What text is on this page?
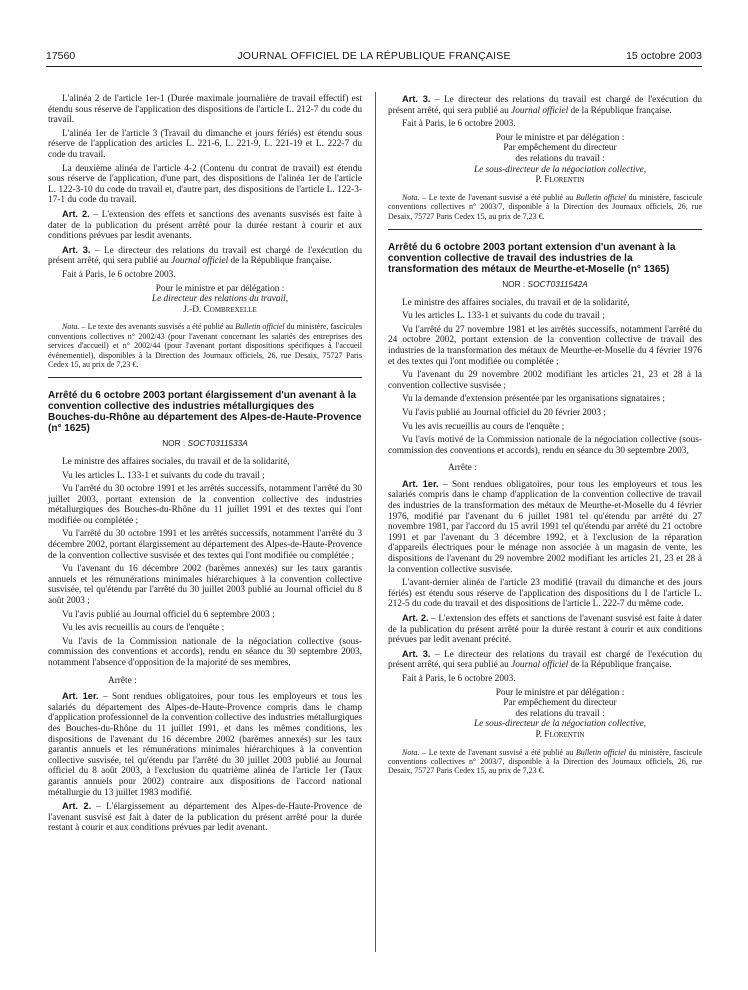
17560	JOURNAL OFFICIEL DE LA RÉPUBLIQUE FRANÇAISE	15 octobre 2003

L'alinéa 2 de l'article 1er-1 (Durée maximale journalière de travail effectif) est étendu sous réserve de l'application des dispositions de l'article L. 212-7 du code du travail.

L'alinéa 1er de l'article 3 (Travail du dimanche et jours fériés) est étendu sous réserve de l'application des articles L. 221-6, L. 221-9, L. 221-19 et L. 222-7 du code du travail.

La deuxième alinéa de l'article 4-2 (Contenu du contrat de travail) est étendu sous réserve de l'application, d'une part, des dispositions de l'alinéa 1er de l'article L. 122-3-10 du code du travail et, d'autre part, des dispositions de l'article L. 122-3-17-1 du code du travail.

Art. 2. – L'extension des effets et sanctions des avenants susvisés est faite à dater de la publication du présent arrêté pour la durée restant à courir et aux conditions prévues par lesdit avenants.

Art. 3. – Le directeur des relations du travail est chargé de l'exécution du présent arrêté, qui sera publié au Journal officiel de la République française.

Fait à Paris, le 6 octobre 2003.

Pour le ministre et par délégation :

Le directeur des relations du travail,

J.-D. Combrexelle

Nota. – Le texte des avenants susvisés a été publié au Bulletin officiel du ministère, fascicules conventions collectives n° 2002/43 (pour l'avenant concernant les salariés des entreprises des services d'accueil) et n° 2002/44 (pour l'avenant portant dispositions spécifiques à l'accueil événementiel), disponibles à la Direction des Journaux officiels, 26, rue Desaix, 75727 Paris Cedex 15, au prix de 7,23 €.

Arrêté du 6 octobre 2003 portant élargissement d'un avenant à la convention collective des industries métallurgiques des Bouches-du-Rhône au département des Alpes-de-Haute-Provence (n° 1625)

NOR : SOCT0311533A

Le ministre des affaires sociales, du travail et de la solidarité,

Vu les articles L. 133-1 et suivants du code du travail ;

Vu l'arrêté du 30 octobre 1991 et les arrêtés successifs, notamment l'arrêté du 30 juillet 2003, portant extension de la convention collective des industries métallurgiques des Bouches-du-Rhône du 11 juillet 1991 et des textes qui l'ont modifiée ou complétée ;

Vu l'arrêté du 30 octobre 1991 et les arrêtés successifs, notamment l'arrêté du 3 décembre 2002, portant élargissement au département des Alpes-de-Haute-Provence de la convention collective susvisée et des textes qui l'ont modifiée ou complétée ;

Vu l'avenant du 16 décembre 2002 (barèmes annexés) sur les taux garantis annuels et les rémunérations minimales hiérarchiques à la convention collective susvisée, tel qu'étendu par l'arrêté du 30 juillet 2003 publié au Journal officiel du 8 août 2003 ;

Vu l'avis publié au Journal officiel du 6 septembre 2003 ;

Vu les avis recueillis au cours de l'enquête ;

Vu l'avis de la Commission nationale de la négociation collective (sous-commission des conventions et accords), rendu en séance du 30 septembre 2003, notamment l'absence d'opposition de la majorité de ses membres,

Arrête :

Art. 1er. – Sont rendues obligatoires, pour tous les employeurs et tous les salariés du département des Alpes-de-Haute-Provence compris dans le champ d'application professionnel de la convention collective des industries métallurgiques des Bouches-du-Rhône du 11 juillet 1991, et dans les mêmes conditions, les dispositions de l'avenant du 16 décembre 2002 (barèmes annexés) sur les taux garantis annuels et les rémunérations minimales hiérarchiques à la convention collective susvisée, tel qu'étendu par l'arrêté du 30 juillet 2003 publié au Journal officiel du 8 août 2003, à l'exclusion du quatrième alinéa de l'article 1er (Taux garantis annuels pour 2002) contraire aux dispositions de l'accord national métallurgie du 13 juillet 1983 modifié.

Art. 2. – L'élargissement au département des Alpes-de-Haute-Provence de l'avenant susvisé est fait à dater de la publication du présent arrêté pour la durée restant à courir et aux conditions prévues par ledit avenant.

Art. 3. – Le directeur des relations du travail est chargé de l'exécution du présent arrêté, qui sera publié au Journal officiel de la République française.

Fait à Paris, le 6 octobre 2003.

Pour le ministre et par délégation :

Par empêchement du directeur

des relations du travail :

Le sous-directeur de la négociation collective,

P. Florentin

Nota. – Le texte de l'avenant susvisé a été publié au Bulletin officiel du ministère, fascicule conventions collectives n° 2003/7, disponible à la Direction des Journaux officiels, 26, rue Desaix, 75727 Paris Cedex 15, au prix de 7,23 €.

Arrêté du 6 octobre 2003 portant extension d'un avenant à la convention collective de travail des industries de la transformation des métaux de Meurthe-et-Moselle (n° 1365)

NOR : SOCT0311542A

Le ministre des affaires sociales, du travail et de la solidarité,

Vu les articles L. 133-1 et suivants du code du travail ;

Vu l'arrêté du 27 novembre 1981 et les arrêtés successifs, notamment l'arrêté du 24 octobre 2002, portant extension de la convention collective de travail des industries de la transformation des métaux de Meurthe-et-Moselle du 4 février 1976 et des textes qui l'ont modifiée ou complétée ;

Vu l'avenant du 29 novembre 2002 modifiant les articles 21, 23 et 28 à la convention collective susvisée ;

Vu la demande d'extension présentée par les organisations signataires ;

Vu l'avis publié au Journal officiel du 20 février 2003 ;

Vu les avis recueillis au cours de l'enquête ;

Vu l'avis motivé de la Commission nationale de la négociation collective (sous-commission des conventions et accords), rendu en séance du 30 septembre 2003,

Arrête :

Art. 1er. – Sont rendues obligatoires, pour tous les employeurs et tous les salariés compris dans le champ d'application de la convention collective de travail des industries de la transformation des métaux de Meurthe-et-Moselle du 4 février 1976, modifié par l'avenant du 6 juillet 1981 tel qu'étendu par arrêté du 27 novembre 1981, par l'accord du 15 avril 1991 tel qu'étendu par arrêté du 21 octobre 1991 et par l'avenant du 3 décembre 1992, et à l'exclusion de la réparation d'appareils électriques pour le ménage non associée à un magasin de vente, les dispositions de l'avenant du 29 novembre 2002 modifiant les articles 21, 23 et 28 à la convention collective susvisée.

L'avant-dernier alinéa de l'article 23 modifié (travail du dimanche et des jours fériés) est étendu sous réserve de l'application des dispositions du I de l'article L. 212-5 du code du travail et des dispositions de l'article L. 222-7 du même code.

Art. 2. – L'extension des effets et sanctions de l'avenant susvisé est faite à dater de la publication du présent arrêté pour la durée restant à courir et aux conditions prévues par ledit avenant précité.

Art. 3. – Le directeur des relations du travail est chargé de l'exécution du présent arrêté, qui sera publié au Journal officiel de la République française.

Fait à Paris, le 6 octobre 2003.

Pour le ministre et par délégation :

Par empêchement du directeur

des relations du travail :

Le sous-directeur de la négociation collective,

P. Florentin

Nota. – Le texte de l'avenant susvisé a été publié au Bulletin officiel du ministère, fascicule conventions collectives n° 2003/7, disponible à la Direction des Journaux officiels, 26, rue Desaix, 75727 Paris Cedex 15, au prix de 7,23 €.
